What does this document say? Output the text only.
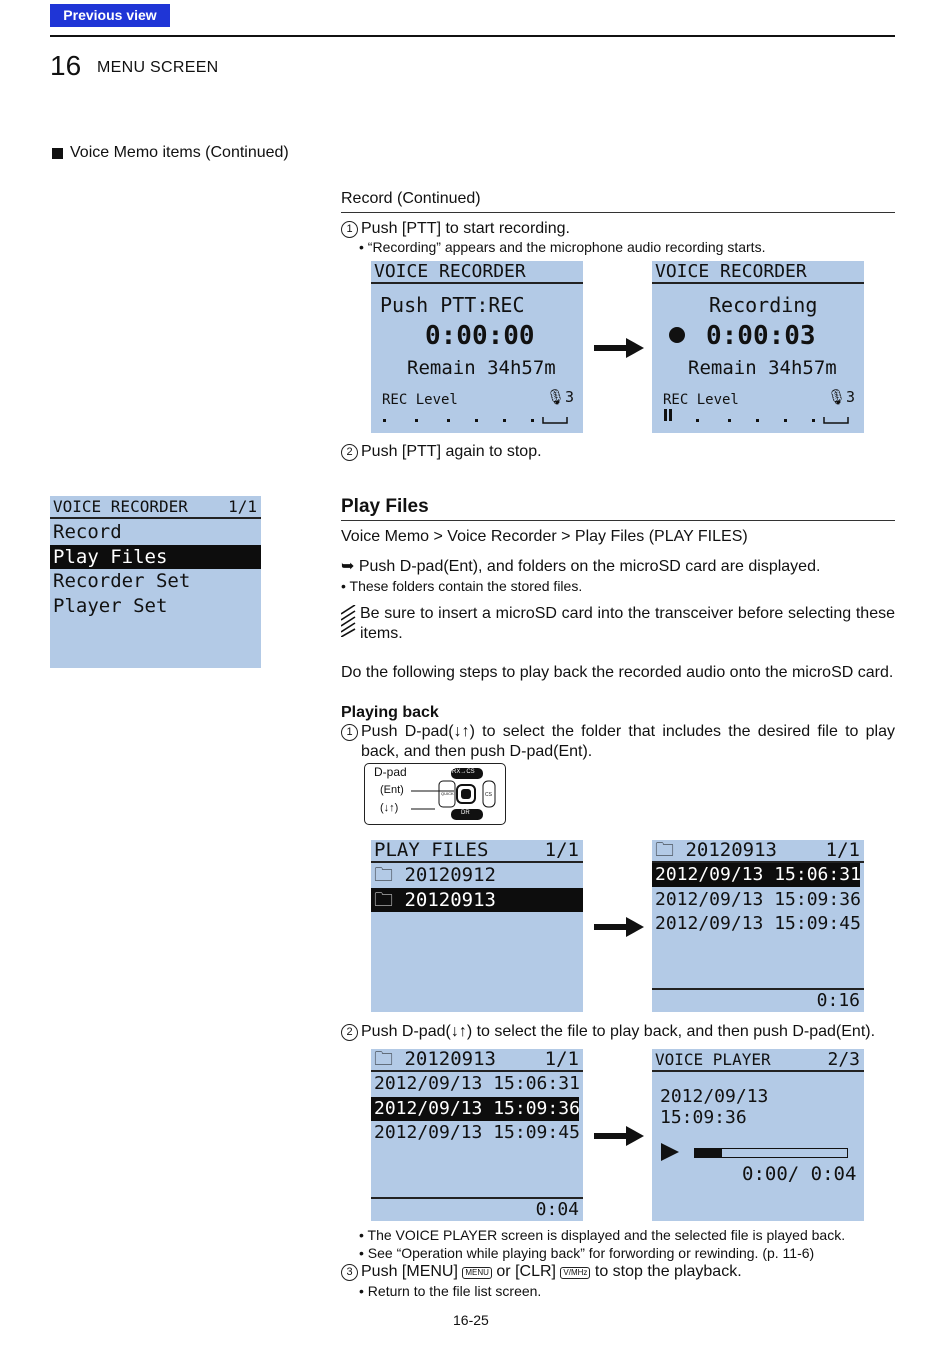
Previous view
16 MENU SCREEN
Voice Memo items (Continued)
Record (Continued)
1 Push [PTT] to start recording.
• “Recording” appears and the microphone audio recording starts.
VOICE RECORDER
Push PTT:REC
0:00:00
Remain 34h57m
REC Level	🎙3
VOICE RECORDER
Recording
0:00:03
Remain 34h57m
REC Level	🎙3
2 Push [PTT] again to stop.
VOICE RECORDER	1/1
Record
Play Files
Recorder Set
Player Set
Play Files
Voice Memo > Voice Recorder > Play Files (PLAY FILES)
➥ Push D-pad(Ent), and folders on the microSD card are displayed.
• These folders contain the stored files.
Be sure to insert a microSD card into the transceiver before selecting these items.
Do the following steps to play back the recorded audio onto the microSD card.
Playing back
1 Push D-pad(↓↑) to select the folder that includes the desired file to play back, and then push D-pad(Ent).
D-pad
(Ent)
(↓↑)
RX→CS
DR
CS
QUICK
PLAY FILES	1/1
🗀 20120912
🗀 20120913
🗀 20120913	1/1
2012/09/13 15:06:31
2012/09/13 15:09:36
2012/09/13 15:09:45
0:16
2 Push D-pad(↓↑) to select the file to play back, and then push D-pad(Ent).
🗀 20120913	1/1
2012/09/13 15:06:31
2012/09/13 15:09:36
2012/09/13 15:09:45
0:04
VOICE PLAYER	2/3
2012/09/13 15:09:36
0:00/ 0:04
• The VOICE PLAYER screen is displayed and the selected file is played back.
• See “Operation while playing back” for forwording or rewinding. (p. 11-6)
3 Push [MENU] MENU or [CLR] V/MHz to stop the playback.
• Return to the file list screen.
16-25
